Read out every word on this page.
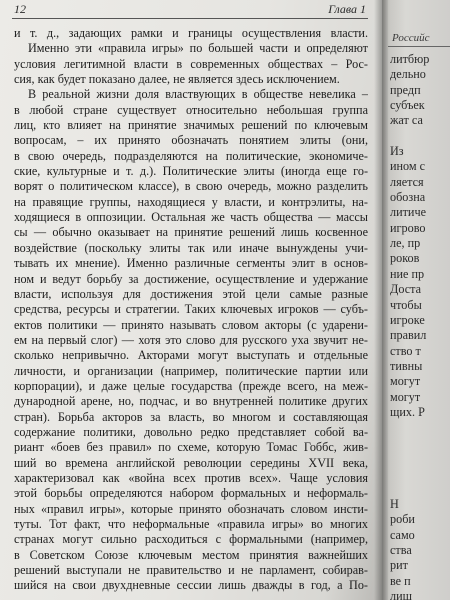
12	Глава 1
и т. д., задающих рамки и границы осуществления власти.
Именно эти «правила игры» по большей части и определяют
условия легитимной власти в современных обществах – Рос-
сия, как будет показано далее, не является здесь исключением.
В реальной жизни доля властвующих в обществе невелика –
в любой стране существует относительно небольшая группа
лиц, кто влияет на принятие значимых решений по ключевым
вопросам, – их принято обозначать понятием элиты (они,
в свою очередь, подразделяются на политические, экономиче-
ские, культурные и т. д.). Политические элиты (иногда еще го-
ворят о политическом классе), в свою очередь, можно разделить
на правящие группы, находящиеся у власти, и контрэлиты, на-
ходящиеся в оппозиции. Остальная же часть общества — массы
сы — обычно оказывает на принятие решений лишь косвенное
воздействие (поскольку элиты так или иначе вынуждены учи-
тывать их мнение). Именно различные сегменты элит в основ-
ном и ведут борьбу за достижение, осуществление и удержание
власти, используя для достижения этой цели самые разные
средства, ресурсы и стратегии. Таких ключевых игроков — субъ-
ектов политики — принято называть словом акторы (с ударени-
ем на первый слог) — хотя это слово для русского уха звучит не-
сколько непривычно. Акторами могут выступать и отдельные
личности, и организации (например, политические партии или
корпорации), и даже целые государства (прежде всего, на меж-
дународной арене, но, подчас, и во внутренней политике других
стран). Борьба акторов за власть, во многом и составляющая
содержание политики, довольно редко представляет собой ва-
риант «боев без правил» по схеме, которую Томас Гоббс, жив-
ший во времена английской революции середины XVII века,
характеризовал как «война всех против всех». Чаще условия
этой борьбы определяются набором формальных и неформаль-
ных «правил игры», которые принято обозначать словом инсти-
туты. Тот факт, что неформальные «правила игры» во многих
странах могут сильно расходиться с формальными (например,
в Советском Союзе ключевым местом принятия важнейших
решений выступали не правительство и не парламент, собирав-
шийся на свои двухдневные сессии лишь дважды в год, а По-
Российс
литбюр
дельно
предп
субъек
жат са
Из
ином с
ляется
обозна
литиче
игрово
ле, пр
роков
ние пр
Доста
чтобы
игроке
правил
ство т
тивны
могут
могут
щих. Р
Н
роби
само
ства
рит
ве п
лиш
